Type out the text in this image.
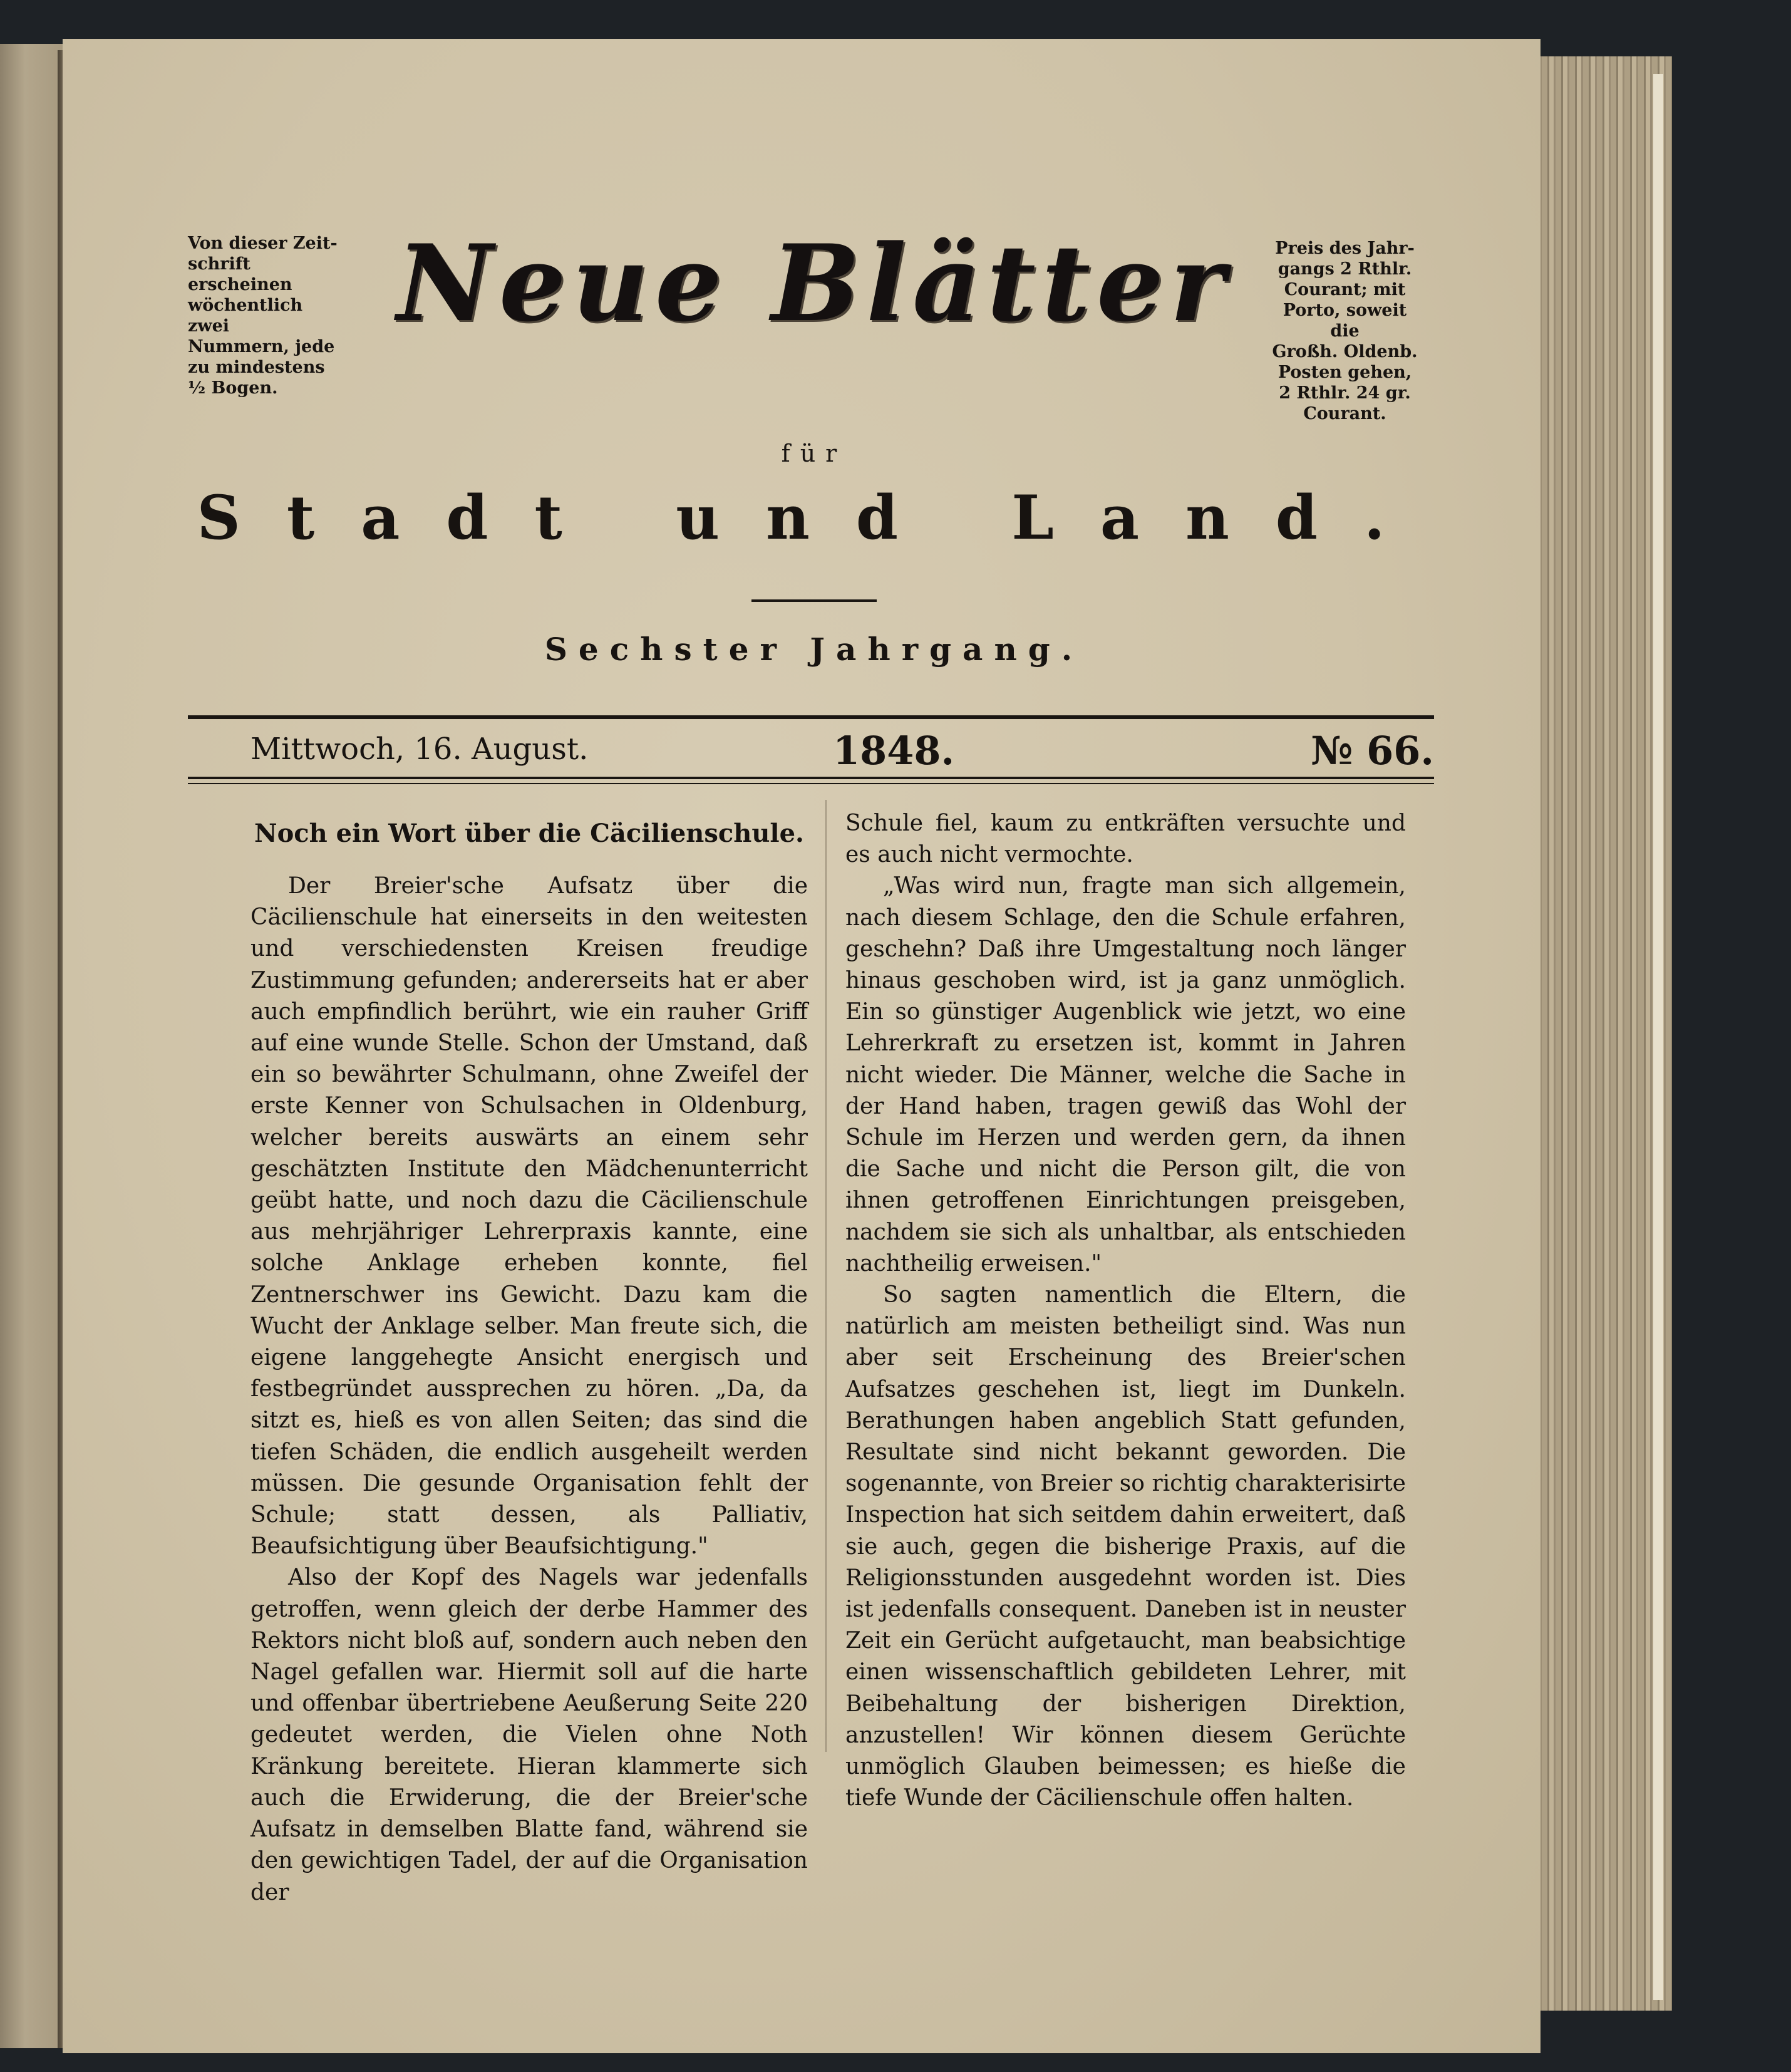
Von dieser Zeit-
schrift erscheinen
wöchentlich zwei
Nummern, jede
zu mindestens
½ Bogen.
Neue Blätter	Preis des Jahr-
gangs 2 Rthlr.
Courant; mit
Porto, soweit die
Großh. Oldenb.
Posten gehen,
2 Rthlr. 24 gr.
Courant.
für
Stadt und Land.
Sechster Jahrgang.
Mittwoch, 16. August.	1848.	№ 66.
Noch ein Wort über die Cäcilienschule.

Der Breier'sche Aufsatz über die Cäcilienschule hat einerseits in den weitesten und verschiedensten Kreisen freudige Zustimmung gefunden; andererseits hat er aber auch empfindlich berührt, wie ein rauher Griff auf eine wunde Stelle. Schon der Umstand, daß ein so bewährter Schulmann, ohne Zweifel der erste Kenner von Schulsachen in Oldenburg, welcher bereits auswärts an einem sehr geschätzten Institute den Mädchenunterricht geübt hatte, und noch dazu die Cäcilienschule aus mehrjähriger Lehrerpraxis kannte, eine solche Anklage erheben konnte, fiel Zentnerschwer ins Gewicht. Dazu kam die Wucht der Anklage selber. Man freute sich, die eigene langgehegte Ansicht energisch und festbegründet aussprechen zu hören. „Da, da sitzt es, hieß es von allen Seiten; das sind die tiefen Schäden, die endlich ausgeheilt werden müssen. Die gesunde Organisation fehlt der Schule; statt dessen, als Palliativ, Beaufsichtigung über Beaufsichtigung."

Also der Kopf des Nagels war jedenfalls getroffen, wenn gleich der derbe Hammer des Rektors nicht bloß auf, sondern auch neben den Nagel gefallen war. Hiermit soll auf die harte und offenbar übertriebene Aeußerung Seite 220 gedeutet werden, die Vielen ohne Noth Kränkung bereitete. Hieran klammerte sich auch die Erwiderung, die der Breier'sche Aufsatz in demselben Blatte fand, während sie den gewichtigen Tadel, der auf die Organisation der

Schule fiel, kaum zu entkräften versuchte und es auch nicht vermochte.

„Was wird nun, fragte man sich allgemein, nach diesem Schlage, den die Schule erfahren, geschehn? Daß ihre Umgestaltung noch länger hinaus geschoben wird, ist ja ganz unmöglich. Ein so günstiger Augenblick wie jetzt, wo eine Lehrerkraft zu ersetzen ist, kommt in Jahren nicht wieder. Die Männer, welche die Sache in der Hand haben, tragen gewiß das Wohl der Schule im Herzen und werden gern, da ihnen die Sache und nicht die Person gilt, die von ihnen getroffenen Einrichtungen preisgeben, nachdem sie sich als unhaltbar, als entschieden nachtheilig erweisen."

So sagten namentlich die Eltern, die natürlich am meisten betheiligt sind. Was nun aber seit Erscheinung des Breier'schen Aufsatzes geschehen ist, liegt im Dunkeln. Berathungen haben angeblich Statt gefunden, Resultate sind nicht bekannt geworden. Die sogenannte, von Breier so richtig charakterisirte Inspection hat sich seitdem dahin erweitert, daß sie auch, gegen die bisherige Praxis, auf die Religionsstunden ausgedehnt worden ist. Dies ist jedenfalls consequent. Daneben ist in neuster Zeit ein Gerücht aufgetaucht, man beabsichtige einen wissenschaftlich gebildeten Lehrer, mit Beibehaltung der bisherigen Direktion, anzustellen! Wir können diesem Gerüchte unmöglich Glauben beimessen; es hieße die tiefe Wunde der Cäcilienschule offen halten.
